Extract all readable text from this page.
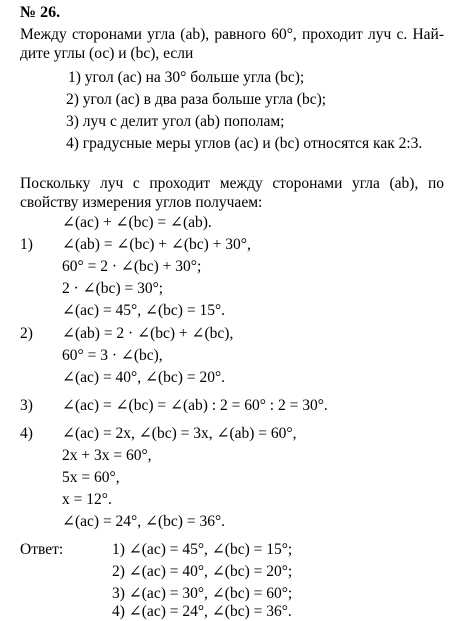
№ 26.
Между сторонами угла (ab), равного 60°, проходит луч c. Най-
дите углы (ос) и (bc), если
1) угол (ас) на 30° больше угла (bc);
2) угол (ас) в два раза больше угла (bc);
3) луч c делит угол (ab) пополам;
4) градусные меры углов (ас) и (bc) относятся как 2:3.
Поскольку луч c проходит между сторонами угла (ab), по
свойству измерения углов получаем:
∠(ac) + ∠(bc) = ∠(ab).
1) ∠(ab) = ∠(bc) + ∠(bc) + 30°,
60° = 2 · ∠(bc) + 30°;
2 · ∠(bc) = 30°;
∠(ac) = 45°, ∠(bc) = 15°.
2) ∠(ab) = 2 · ∠(bc) + ∠(bc),
60° = 3 · ∠(bc),
∠(ac) = 40°, ∠(bc) = 20°.
3) ∠(ac) = ∠(bc) = ∠(ab) : 2 = 60° : 2 = 30°.
4) ∠(ac) = 2x, ∠(bc) = 3x, ∠(ab) = 60°,
2x + 3x = 60°,
5x = 60°,
x = 12°.
∠(ac) = 24°, ∠(bc) = 36°.
Ответ:	1) ∠(ac) = 45°, ∠(bc) = 15°;
2) ∠(ac) = 40°, ∠(bc) = 20°;
3) ∠(ac) = 30°, ∠(bc) = 60°;
4) ∠(ac) = 24°, ∠(bc) = 36°.
